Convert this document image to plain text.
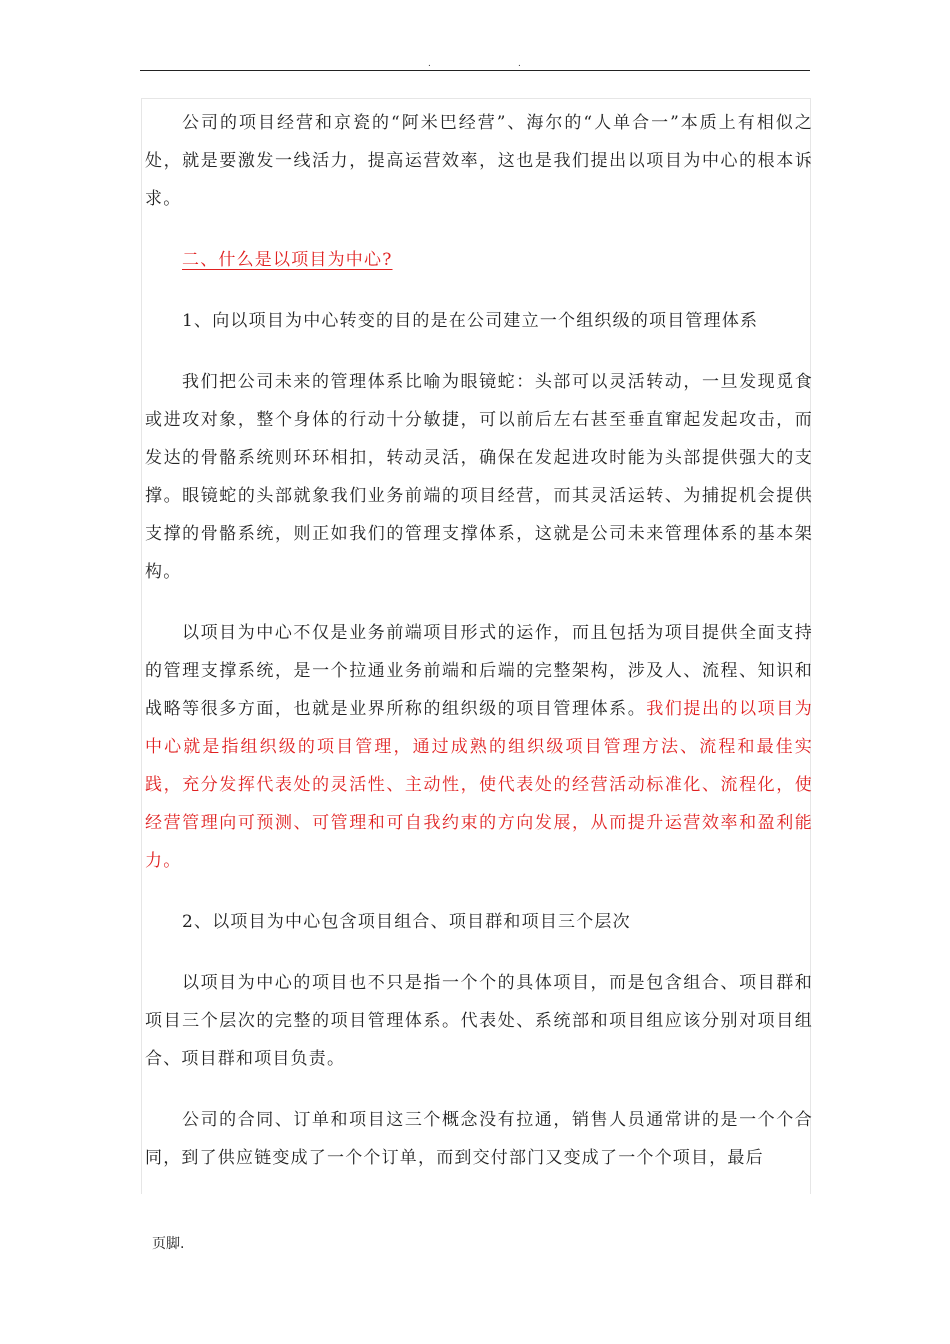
.	.

公司的项目经营和京瓷的“阿米巴经营”、海尔的“人单合一”本质上有相似之处，就是要激发一线活力，提高运营效率，这也是我们提出以项目为中心的根本诉求。

二、什么是以项目为中心?

1、向以项目为中心转变的目的是在公司建立一个组织级的项目管理体系

我们把公司未来的管理体系比喻为眼镜蛇：头部可以灵活转动，一旦发现觅食或进攻对象，整个身体的行动十分敏捷，可以前后左右甚至垂直窜起发起攻击，而发达的骨骼系统则环环相扣，转动灵活，确保在发起进攻时能为头部提供强大的支撑。眼镜蛇的头部就象我们业务前端的项目经营，而其灵活运转、为捕捉机会提供支撑的骨骼系统，则正如我们的管理支撑体系，这就是公司未来管理体系的基本架构。

以项目为中心不仅是业务前端项目形式的运作，而且包括为项目提供全面支持的管理支撑系统，是一个拉通业务前端和后端的完整架构，涉及人、流程、知识和战略等很多方面，也就是业界所称的组织级的项目管理体系。我们提出的以项目为中心就是指组织级的项目管理，通过成熟的组织级项目管理方法、流程和最佳实践，充分发挥代表处的灵活性、主动性，使代表处的经营活动标准化、流程化，使经营管理向可预测、可管理和可自我约束的方向发展，从而提升运营效率和盈利能力。

2、以项目为中心包含项目组合、项目群和项目三个层次

以项目为中心的项目也不只是指一个个的具体项目，而是包含组合、项目群和项目三个层次的完整的项目管理体系。代表处、系统部和项目组应该分别对项目组合、项目群和项目负责。

公司的合同、订单和项目这三个概念没有拉通，销售人员通常讲的是一个个合同，到了供应链变成了一个个订单，而到交付部门又变成了一个个项目，最后

页脚.
